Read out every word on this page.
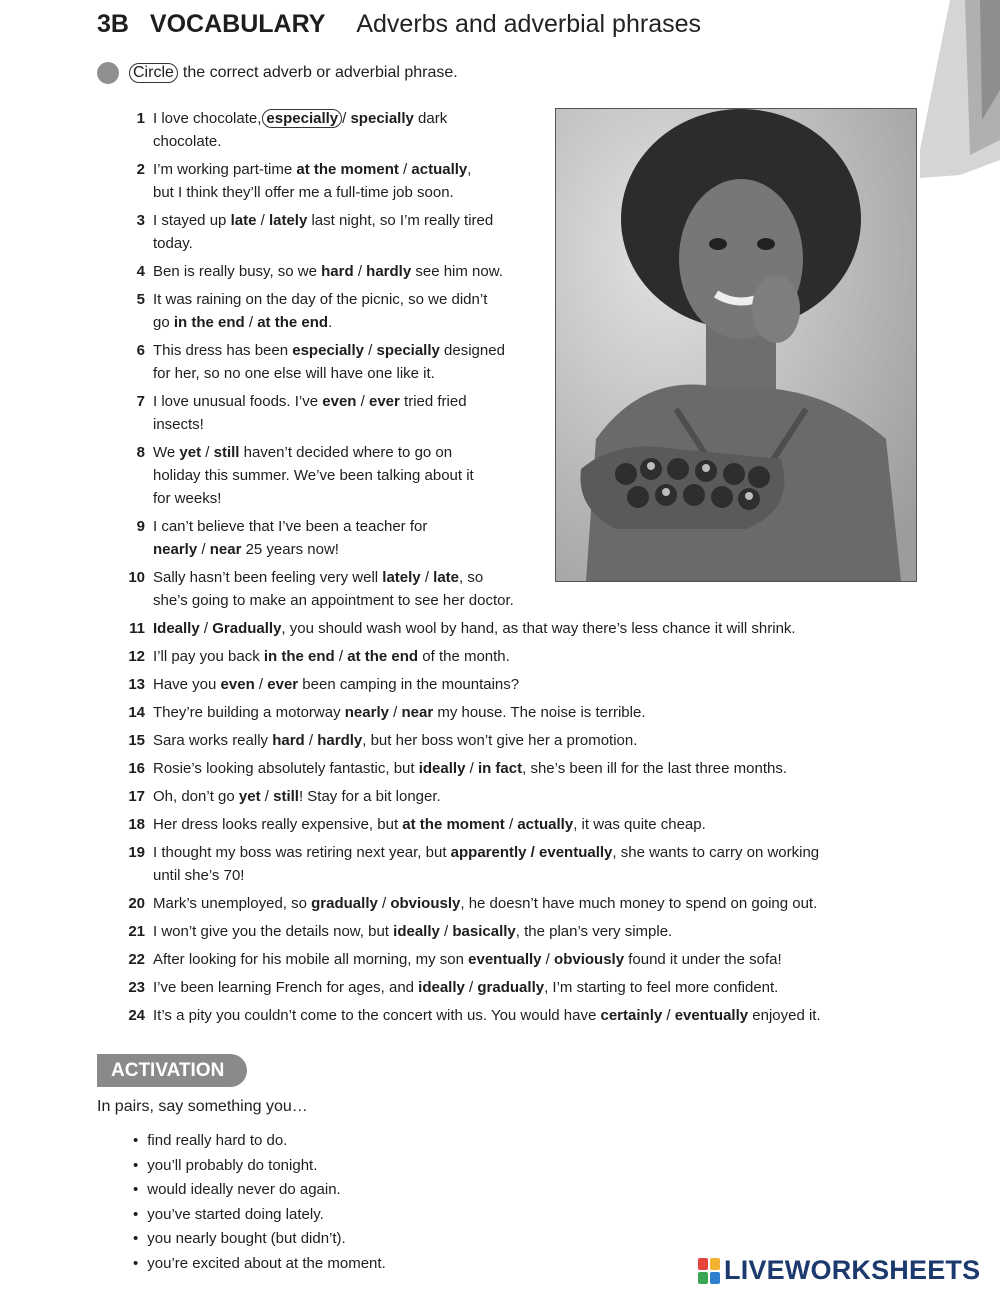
3B VOCABULARY Adverbs and adverbial phrases
Circle the correct adverb or adverbial phrase.
1 I love chocolate, especially / specially dark
chocolate.
2 I’m working part-time at the moment / actually,
but I think they’ll offer me a full-time job soon.
3 I stayed up late / lately last night, so I’m really tired
today.
4 Ben is really busy, so we hard / hardly see him now.
5 It was raining on the day of the picnic, so we didn’t
go in the end / at the end.
6 This dress has been especially / specially designed
for her, so no one else will have one like it.
7 I love unusual foods. I’ve even / ever tried fried
insects!
8 We yet / still haven’t decided where to go on
holiday this summer. We’ve been talking about it
for weeks!
9 I can’t believe that I’ve been a teacher for
nearly / near 25 years now!
10 Sally hasn’t been feeling very well lately / late, so
she’s going to make an appointment to see her doctor.
11 Ideally / Gradually, you should wash wool by hand, as that way there’s less chance it will shrink.
12 I’ll pay you back in the end / at the end of the month.
13 Have you even / ever been camping in the mountains?
14 They’re building a motorway nearly / near my house. The noise is terrible.
15 Sara works really hard / hardly, but her boss won’t give her a promotion.
16 Rosie’s looking absolutely fantastic, but ideally / in fact, she’s been ill for the last three months.
17 Oh, don’t go yet / still! Stay for a bit longer.
18 Her dress looks really expensive, but at the moment / actually, it was quite cheap.
19 I thought my boss was retiring next year, but apparently / eventually, she wants to carry on working
until she’s 70!
20 Mark’s unemployed, so gradually / obviously, he doesn’t have much money to spend on going out.
21 I won’t give you the details now, but ideally / basically, the plan’s very simple.
22 After looking for his mobile all morning, my son eventually / obviously found it under the sofa!
23 I’ve been learning French for ages, and ideally / gradually, I’m starting to feel more confident.
24 It’s a pity you couldn’t come to the concert with us. You would have certainly / eventually enjoyed it.
ACTIVATION
In pairs, say something you…
• find really hard to do.
• you’ll probably do tonight.
• would ideally never do again.
• you’ve started doing lately.
• you nearly bought (but didn’t).
• you’re excited about at the moment.	LIVEWORKSHEETS
